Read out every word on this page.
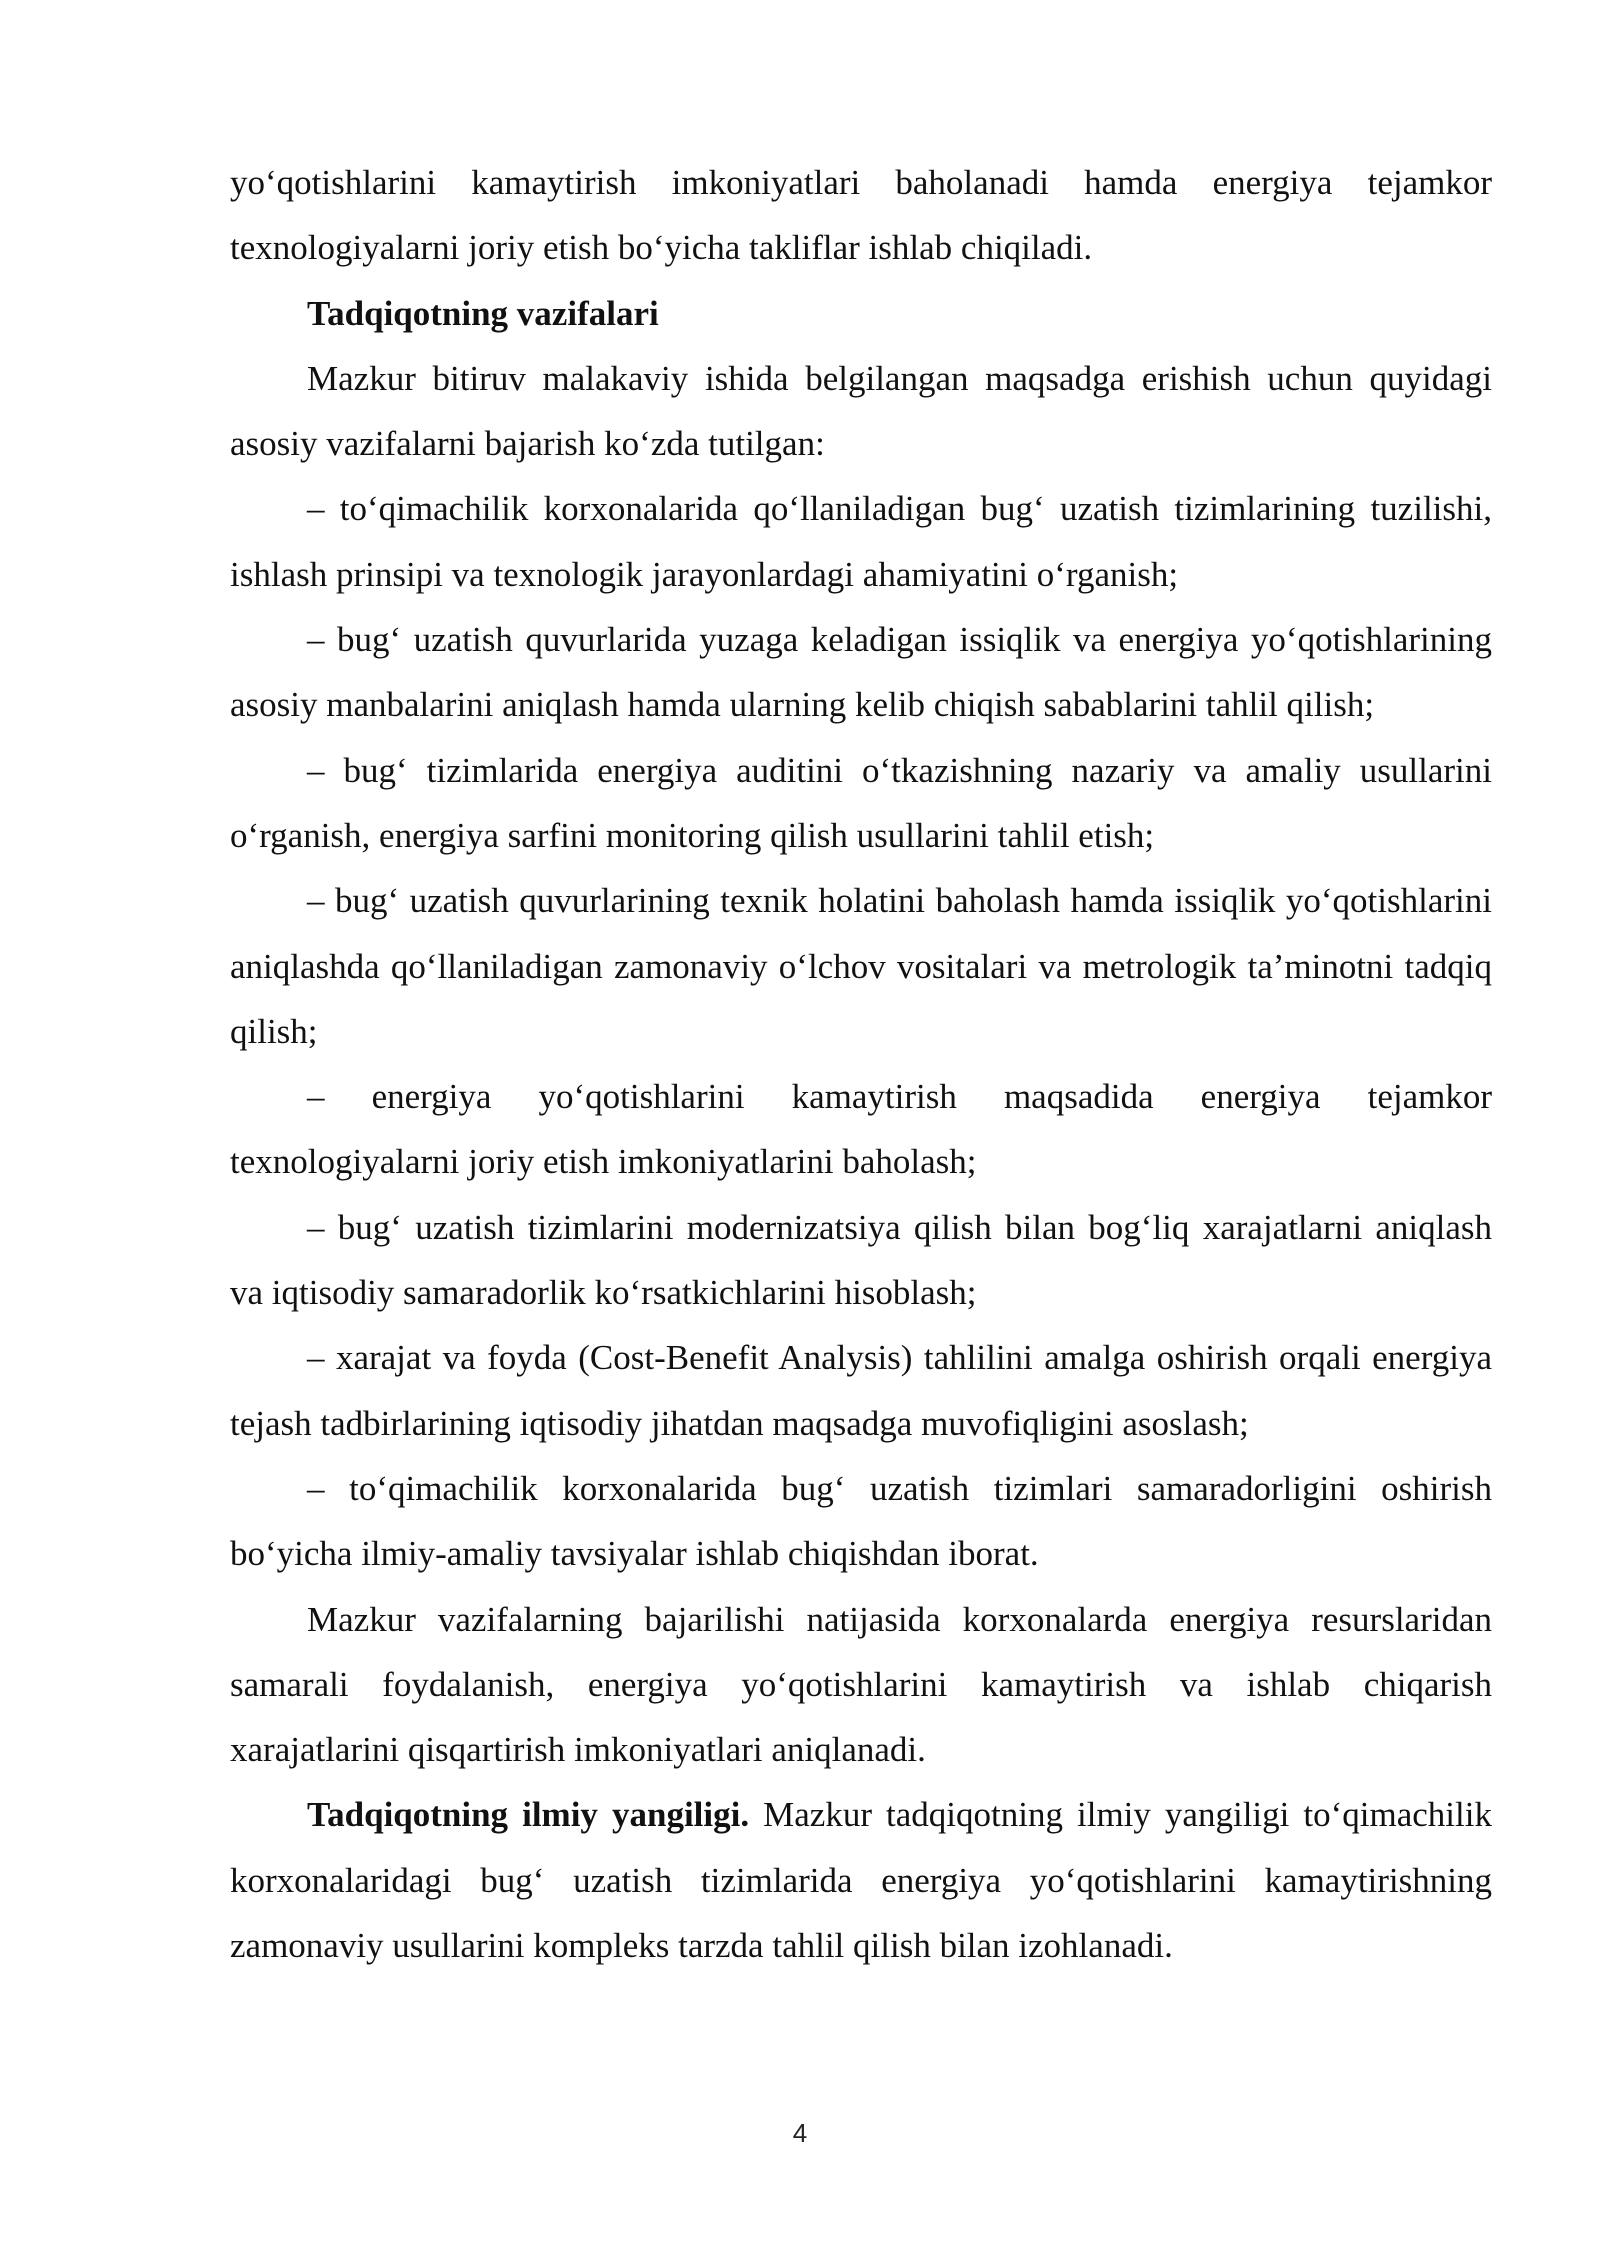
yo‘qotishlarini kamaytirish imkoniyatlari baholanadi hamda energiya tejamkor texnologiyalarni joriy etish bo‘yicha takliflar ishlab chiqiladi.

Tadqiqotning vazifalari

Mazkur bitiruv malakaviy ishida belgilangan maqsadga erishish uchun quyidagi asosiy vazifalarni bajarish ko‘zda tutilgan:

– to‘qimachilik korxonalarida qo‘llaniladigan bug‘ uzatish tizimlarining tuzilishi, ishlash prinsipi va texnologik jarayonlardagi ahamiyatini o‘rganish;

– bug‘ uzatish quvurlarida yuzaga keladigan issiqlik va energiya yo‘qotishlarining asosiy manbalarini aniqlash hamda ularning kelib chiqish sabablarini tahlil qilish;

– bug‘ tizimlarida energiya auditini o‘tkazishning nazariy va amaliy usullarini o‘rganish, energiya sarfini monitoring qilish usullarini tahlil etish;

– bug‘ uzatish quvurlarining texnik holatini baholash hamda issiqlik yo‘qotishlarini aniqlashda qo‘llaniladigan zamonaviy o‘lchov vositalari va metrologik ta’minotni tadqiq qilish;

– energiya yo‘qotishlarini kamaytirish maqsadida energiya tejamkor texnologiyalarni joriy etish imkoniyatlarini baholash;

– bug‘ uzatish tizimlarini modernizatsiya qilish bilan bog‘liq xarajatlarni aniqlash va iqtisodiy samaradorlik ko‘rsatkichlarini hisoblash;

– xarajat va foyda (Cost-Benefit Analysis) tahlilini amalga oshirish orqali energiya tejash tadbirlarining iqtisodiy jihatdan maqsadga muvofiqligini asoslash;

– to‘qimachilik korxonalarida bug‘ uzatish tizimlari samaradorligini oshirish bo‘yicha ilmiy-amaliy tavsiyalar ishlab chiqishdan iborat.

Mazkur vazifalarning bajarilishi natijasida korxonalarda energiya resurslaridan samarali foydalanish, energiya yo‘qotishlarini kamaytirish va ishlab chiqarish xarajatlarini qisqartirish imkoniyatlari aniqlanadi.

Tadqiqotning ilmiy yangiligi. Mazkur tadqiqotning ilmiy yangiligi to‘qimachilik korxonalaridagi bug‘ uzatish tizimlarida energiya yo‘qotishlarini kamaytirishning zamonaviy usullarini kompleks tarzda tahlil qilish bilan izohlanadi.

4
